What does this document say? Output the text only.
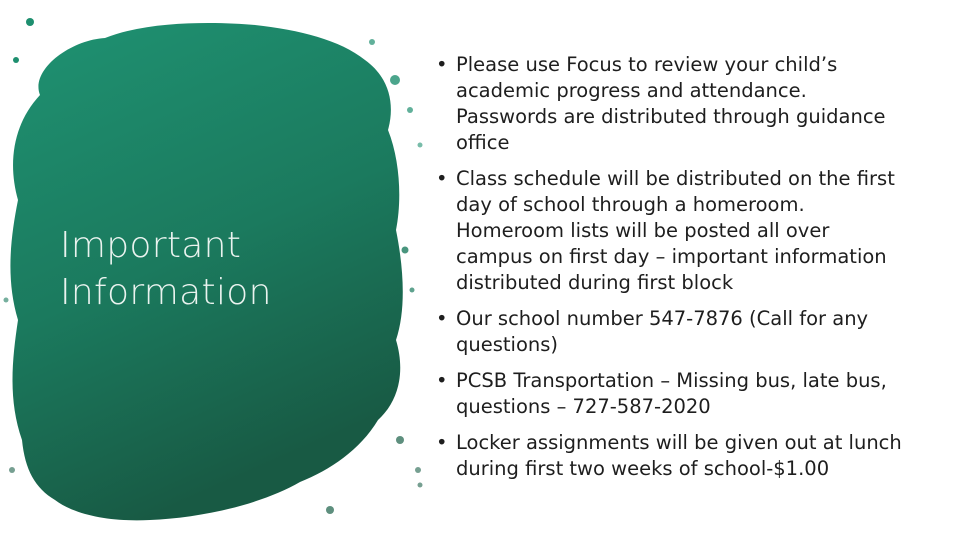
Important
Information
• Please use Focus to review your child’s academic progress and attendance. Passwords are distributed through guidance office
• Class schedule will be distributed on the first day of school through a homeroom. Homeroom lists will be posted all over campus on first day – important information distributed during first block
• Our school number 547-7876 (Call for any questions)
• PCSB Transportation – Missing bus, late bus, questions – 727-587-2020
• Locker assignments will be given out at lunch during first two weeks of school-$1.00
